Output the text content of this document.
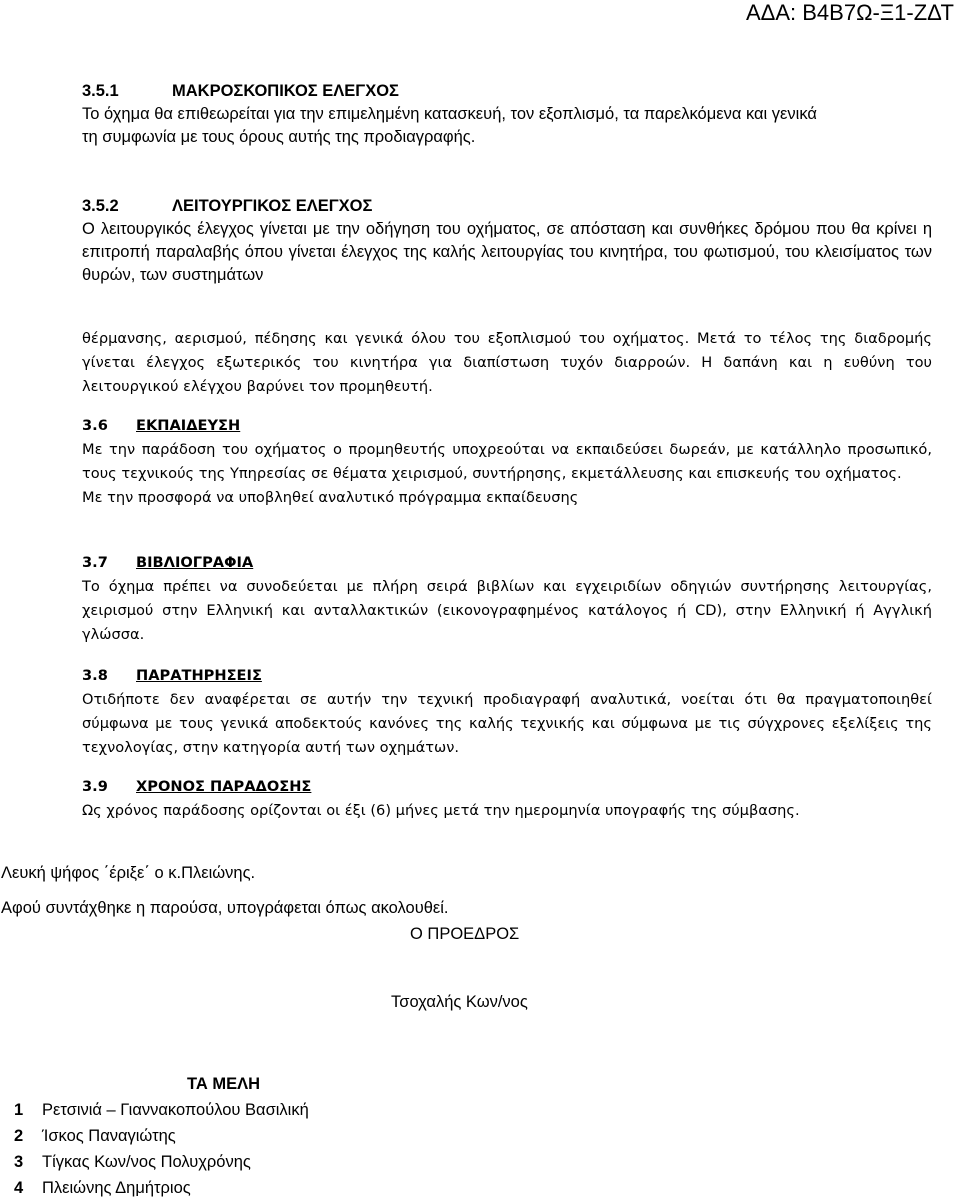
ΑΔΑ: Β4Β7Ω-Ξ1-ΖΔΤ
3.5.1	ΜΑΚΡΟΣΚΟΠΙΚΟΣ ΕΛΕΓΧΟΣ

Το όχημα θα επιθεωρείται για την επιμελημένη κατασκευή, τον εξοπλισμό, τα παρελκόμενα και γενικά

τη συμφωνία με τους όρους αυτής της προδιαγραφής.

3.5.2	ΛΕΙΤΟΥΡΓΙΚΟΣ ΕΛΕΓΧΟΣ

Ο λειτουργικός έλεγχος γίνεται με την οδήγηση του οχήματος, σε απόσταση και συνθήκες δρόμου που θα κρίνει η επιτροπή παραλαβής όπου γίνεται έλεγχος της καλής λειτουργίας του κινητήρα, του φωτισμού, του κλεισίματος των θυρών, των συστημάτων

θέρμανσης, αερισμού, πέδησης και γενικά όλου του εξοπλισμού του οχήματος. Μετά το τέλος της διαδρομής γίνεται έλεγχος εξωτερικός του κινητήρα για διαπίστωση τυχόν διαρροών. Η δαπάνη και η ευθύνη του λειτουργικού ελέγχου βαρύνει τον προμηθευτή.

3.6 ΕΚΠΑΙΔΕΥΣΗ

Με την παράδοση του οχήματος ο προμηθευτής υποχρεούται να εκπαιδεύσει δωρεάν, με κατάλληλο προσωπικό, τους τεχνικούς της Υπηρεσίας σε θέματα χειρισμού, συντήρησης, εκμετάλλευσης και επισκευής του οχήματος.

Με την προσφορά να υποβληθεί αναλυτικό πρόγραμμα εκπαίδευσης

3.7 ΒΙΒΛΙΟΓΡΑΦΙΑ

Το όχημα πρέπει να συνοδεύεται με πλήρη σειρά βιβλίων και εγχειριδίων οδηγιών συντήρησης λειτουργίας, χειρισμού στην Ελληνική και ανταλλακτικών (εικονογραφημένος κατάλογος ή CD), στην Ελληνική ή Αγγλική γλώσσα.

3.8 ΠΑΡΑΤΗΡΗΣΕΙΣ

Οτιδήποτε δεν αναφέρεται σε αυτήν την τεχνική προδιαγραφή αναλυτικά, νοείται ότι θα πραγματοποιηθεί σύμφωνα με τους γενικά αποδεκτούς κανόνες της καλής τεχνικής και σύμφωνα με τις σύγχρονες εξελίξεις της τεχνολογίας, στην κατηγορία αυτή των οχημάτων.

3.9 ΧΡΟΝΟΣ ΠΑΡΑΔΟΣΗΣ

Ως χρόνος παράδοσης ορίζονται οι έξι (6) μήνες μετά την ημερομηνία υπογραφής της σύμβασης.

Λευκή ψήφος ΄έριξε΄ ο κ.Πλειώνης.
Αφού συντάχθηκε η παρούσα, υπογράφεται όπως ακολουθεί.
Ο ΠΡΟΕΔΡΟΣ
Τσοχαλής Κων/νος
ΤΑ ΜΕΛΗ
1 Ρετσινιά – Γιαννακοπούλου Βασιλική
2 Ίσκος Παναγιώτης
3 Τίγκας Κων/νος Πολυχρόνης
4 Πλειώνης Δημήτριος
